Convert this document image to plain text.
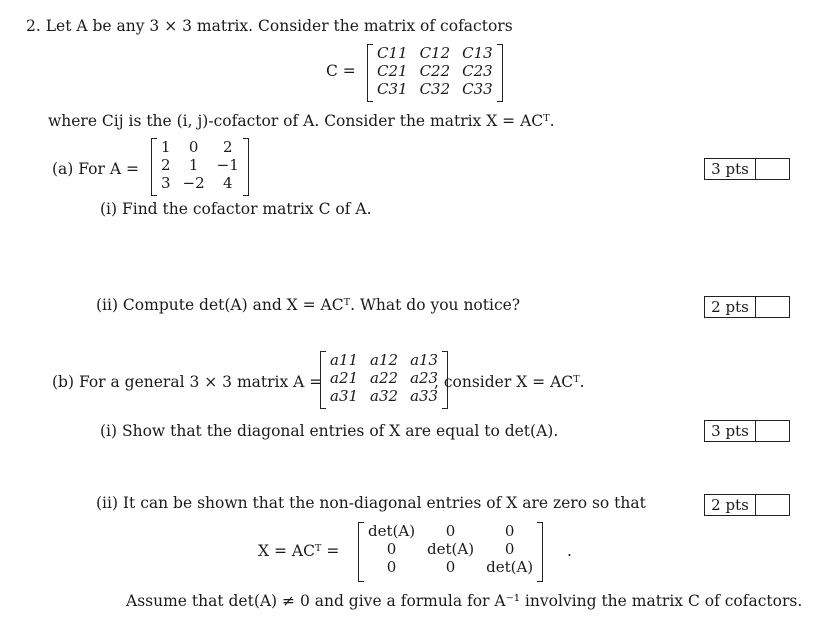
2. Let A be any 3 × 3 matrix. Consider the matrix of cofactors
C =
C11	C12	C13
C21	C22	C23
C31	C32	C33
where Cij is the (i, j)-cofactor of A. Consider the matrix X = ACᵀ.
(a) For A =
1	0	2
2	1	−1
3	−2	4
3 pts
(i) Find the cofactor matrix C of A.
(ii) Compute det(A) and X = ACᵀ. What do you notice?	2 pts
(b) For a general 3 × 3 matrix A =
a11	a12	a13
a21	a22	a23
a31	a32	a33
, consider X = ACᵀ.
(i) Show that the diagonal entries of X are equal to det(A).	3 pts
(ii) It can be shown that the non-diagonal entries of X are zero so that	2 pts
X = ACᵀ =
det(A)	0	0
0	det(A)	0
0	0	det(A)
.
Assume that det(A) ≠ 0 and give a formula for A⁻¹ involving the matrix C of cofactors.
